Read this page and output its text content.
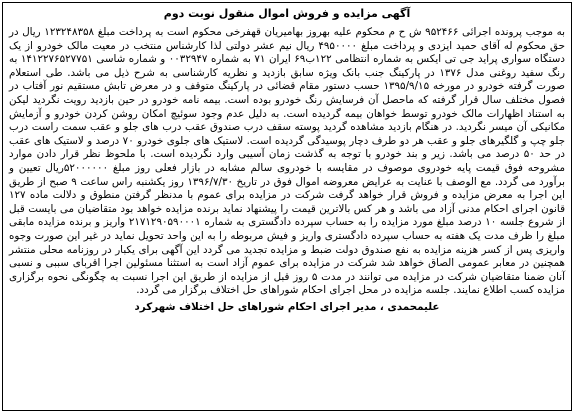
آگهی مزایده و فروش اموال منقول نوبت دوم
به موجب پرونده اجرائی ۹۵۲۴۶۶ ش ح م محکوم علیه بهروز بهامیریان قهفرخی محکوم است به پرداخت مبلغ ۱۲۳۲۴۸۳۵۸ ریال در حق محکوم له آقای حمید ایزدی و پرداخت مبلغ ۴۹۵۰۰۰۰ ریال نیم عشر دولتی لذا کارشناس منتخب در معیت مالک خودرو از یک دستگاه سواری پراید جی تی ایکس به شماره انتظامی ۱۲۲ب۶۹ ایران ۷۱ به شماره ۰۰۳۲۹۴۷ و شماره شاسی ۱۴۱۲۲۷۶۵۲۷۷۵۱ به رنگ سفید روغنی مدل ۱۳۷۶ در پارکینگ جنب بانک ویژه سابق بازدید و نظریه کارشناسی به شرح ذیل می باشد. طی استعلام صورت گرفته خودرو در مورخه ۱۳۹۵/۹/۱۵ حسب دستور مقام قضائی در پارکینگ متوقف و در معرض تابش مستقیم نور آفتاب در فصول مختلف سال قرار گرفته که ماحصل آن فرسایش رنگ خودرو بوده است. بیمه نامه خودرو در حین بازدید رویت نگردید لیکن به استناد اظهارات مالک خودرو توسط خواهان بیمه گردیده است. به دلیل عدم وجود سوئیچ امکان روشن کردن خودرو و آزمایش مکانیکی آن میسر نگردید. در هنگام بازدید مشاهده گردید پوسته سقف درب صندوق عقب درب های جلو و عقب سمت راست درب جلو چپ و گلگیرهای جلو و عقب هر دو طرف دچار پوسیدگی گردیده است. لاستیک های جلوی خودرو ۷۰ درصد و لاستیک های عقب در حد ۵۰ درصد می باشد. زیر و بند خودرو با توجه به گذشت زمان آسیبی وارد نگردیده است. با ملحوظ نظر قرار دادن موارد مشروحه فوق قیمت پایه خودروی موصوف در مقایسه با خودروی سالم مشابه در بازار فعلی روز مبلغ ۵۲۰۰۰۰۰۰ریال تعیین و برآورد می گردد. مع الوصف با عنایت به عرایض معروضه اموال فوق در تاریخ ۱۳۹۶/۷/۳۰ روز یکشنبه راس ساعت ۹ صبح از طریق این اجرا به معرض مزایده و فروش قرار خواهد گرفت شرکت در مزایده برای عموم با مدنظر گرفتن منطوق و دلالت ماده ۱۲۷ قانون اجرای احکام مدنی آزاد می باشد و هر کس بالاترین قیمت را پیشنهاد نماید برنده مزایده خواهد بود متقاضیان می بایست قبل از شروع جلسه ۱۰ درصد مبلغ مورد مزایده را به حساب سپرده دادگستری به شماره ۲۱۷۱۲۹۰۵۹۰۰۰۱ واریز و برنده مزایده مابقی مبلغ را ظرف مدت یک هفته به حساب سپرده دادگستری واریز و فیش مربوطه را به این واحد تحویل نماید در غیر این صورت وجوه واریزی پس از کسر هزینه مزایده به نفع صندوق دولت ضبط و مزایده تجدید می گردد این آگهی برای یکبار در روزنامه محلی منتشر همچنین در معابر عمومی الصاق خواهد شد شرکت در مزایده برای عموم آزاد است به استثنا مسئولین اجرا اقربای سببی و نسبی آنان ضمنا متقاضیان شرکت در مزایده می توانند در مدت ۵ روز قبل از مزایده از طریق این اجرا نسبت به چگونگی نحوه برگزاری مزایده کسب اطلاع نمایند. جلسه مزایده در محل اجرای احکام شوراهای حل اختلاف برگزار می گردد.
علیمحمدی ، مدیر اجرای احکام شوراهای حل اختلاف شهرکرد
